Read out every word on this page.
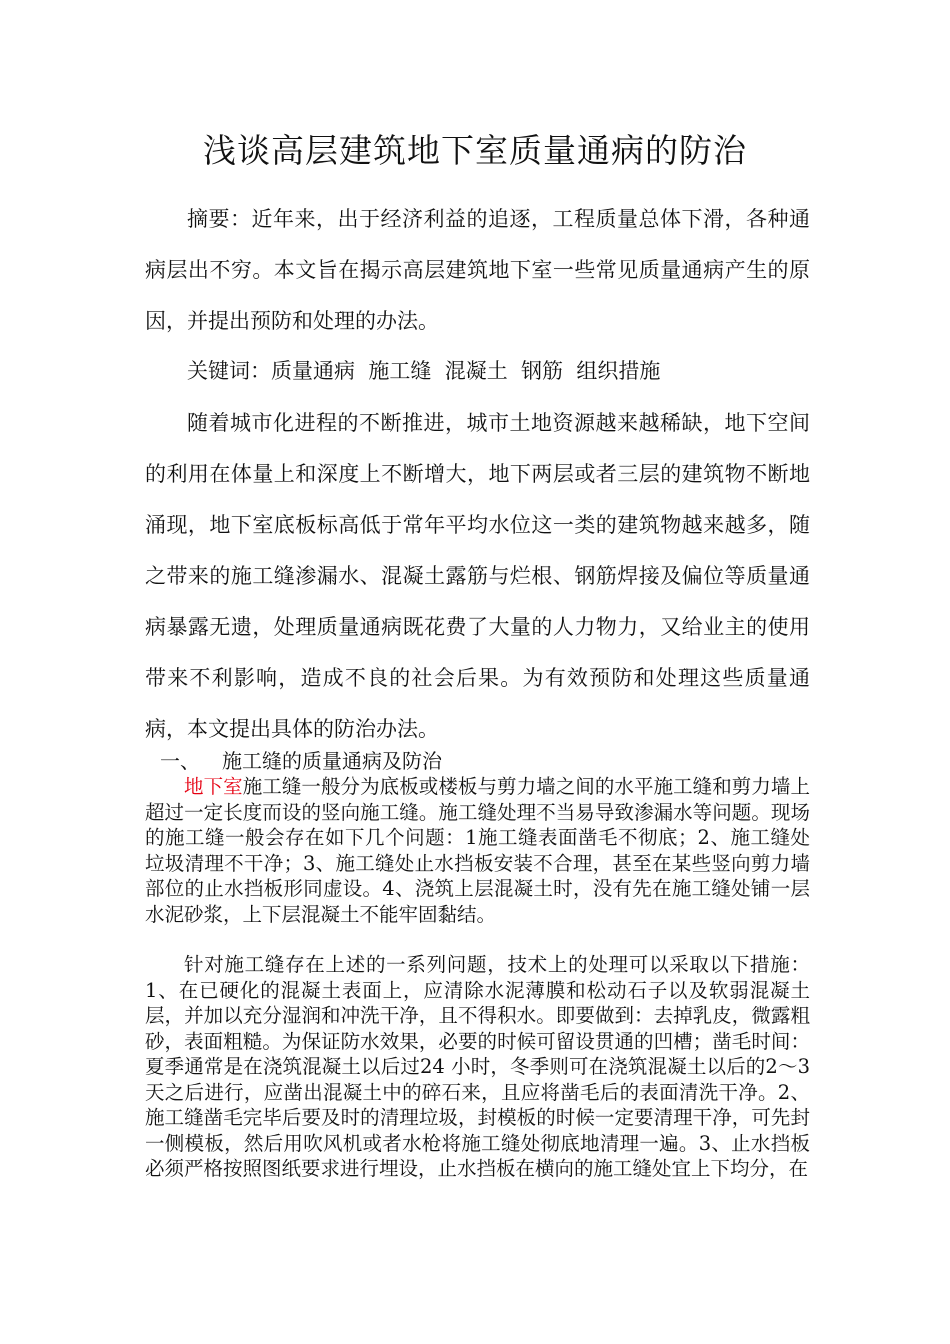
浅谈高层建筑地下室质量通病的防治

摘要：近年来，出于经济利益的追逐，工程质量总体下滑，各种通病层出不穷。本文旨在揭示高层建筑地下室一些常见质量通病产生的原因，并提出预防和处理的办法。

关键词：质量通病  施工缝  混凝土  钢筋  组织措施

随着城市化进程的不断推进，城市土地资源越来越稀缺，地下空间的利用在体量上和深度上不断增大，地下两层或者三层的建筑物不断地涌现，地下室底板标高低于常年平均水位这一类的建筑物越来越多，随之带来的施工缝渗漏水、混凝土露筋与烂根、钢筋焊接及偏位等质量通病暴露无遗，处理质量通病既花费了大量的人力物力，又给业主的使用带来不利影响，造成不良的社会后果。为有效预防和处理这些质量通病，本文提出具体的防治办法。

一、 施工缝的质量通病及防治

地下室施工缝一般分为底板或楼板与剪力墙之间的水平施工缝和剪力墙上超过一定长度而设的竖向施工缝。施工缝处理不当易导致渗漏水等问题。现场的施工缝一般会存在如下几个问题：1施工缝表面凿毛不彻底；2、施工缝处垃圾清理不干净；3、施工缝处止水挡板安装不合理，甚至在某些竖向剪力墙部位的止水挡板形同虚设。4、浇筑上层混凝土时，没有先在施工缝处铺一层水泥砂浆，上下层混凝土不能牢固黏结。

针对施工缝存在上述的一系列问题，技术上的处理可以采取以下措施：1、在已硬化的混凝土表面上，应清除水泥薄膜和松动石子以及软弱混凝土层，并加以充分湿润和冲洗干净，且不得积水。即要做到：去掉乳皮，微露粗砂，表面粗糙。为保证防水效果，必要的时候可留设贯通的凹槽；凿毛时间：夏季通常是在浇筑混凝土以后过24 小时，冬季则可在浇筑混凝土以后的2～3 天之后进行，应凿出混凝土中的碎石来，且应将凿毛后的表面清洗干净。2、施工缝凿毛完毕后要及时的清理垃圾，封模板的时候一定要清理干净，可先封一侧模板，然后用吹风机或者水枪将施工缝处彻底地清理一遍。3、止水挡板必须严格按照图纸要求进行埋设，止水挡板在横向的施工缝处宜上下均分，在
